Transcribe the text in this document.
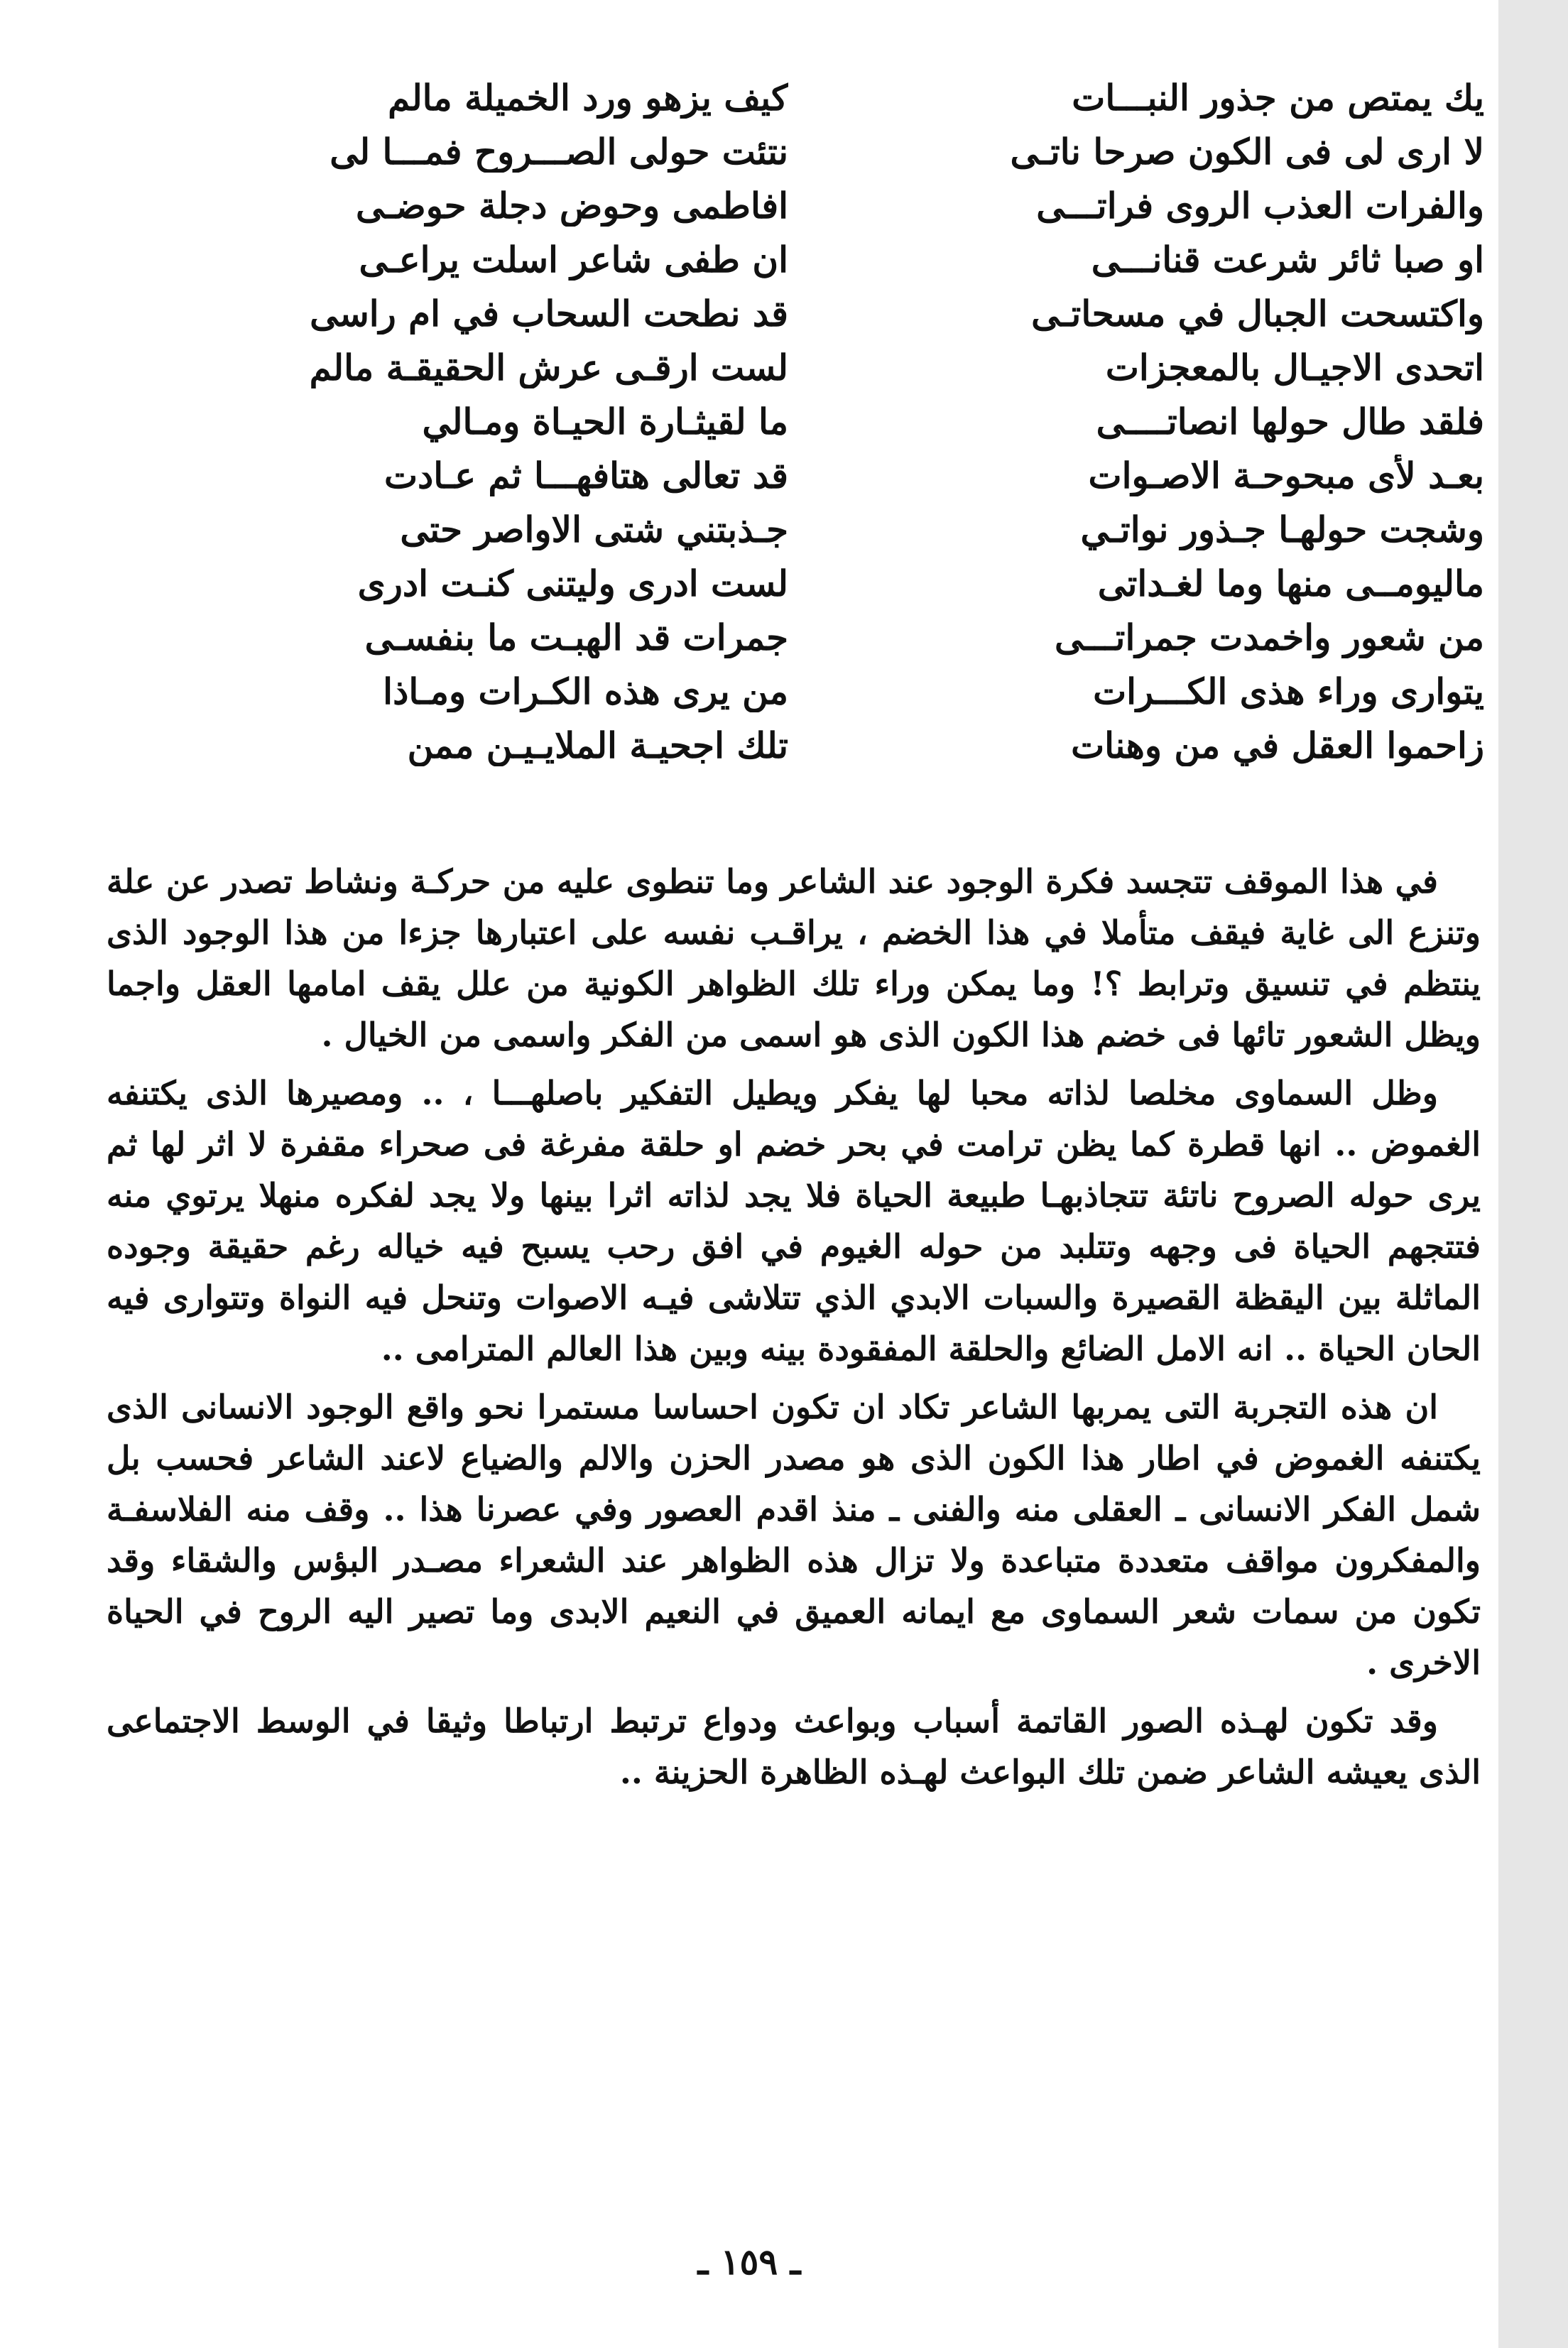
كيف يزهو ورد الخميلة مالم	يك يمتص من جذور النبـــات
نتئت حولى الصـــروح فمـــا لى	لا ارى لى فى الكون صرحا ناتـى
افاطمى وحوض دجلة حوضـى	والفرات العذب الروى فراتـــى
ان طفى شاعر اسلت يراعـى	او صبا ثائر شرعت قنانـــى
قد نطحت السحاب في ام راسى	واكتسحت الجبال في مسحاتـى
لست ارقـى عرش الحقيقـة مالم	اتحدى الاجيـال بالمعجزات
ما لقيثـارة الحيـاة ومـالي	فلقد طال حولها انصاتــــى
قد تعالى هتافهـــا ثم عـادت	بعـد لأى مبحوحـة الاصـوات
جـذبتني شتى الاواصر حتى	وشجت حولهـا جـذور نواتـي
لست ادرى وليتنى كنـت ادرى	ماليومــى منها وما لغـداتى
جمرات قد الهبـت ما بنفسـى	من شعور واخمدت جمراتـــى
من يرى هذه الكـرات ومـاذا	يتوارى وراء هذى الكـــرات
تلك اجحيـة الملايـيـن ممن	زاحموا العقل في من وهنات

في هذا الموقف تتجسد فكرة الوجود عند الشاعر وما تنطوى عليه من حركـة ونشاط تصدر عن علة وتنزع الى غاية فيقف متأملا في هذا الخضم ، يراقـب نفسه على اعتبارها جزءا من هذا الوجود الذى ينتظم في تنسيق وترابط ؟! وما يمكن وراء تلك الظواهر الكونية من علل يقف امامها العقل واجما ويظل الشعور تائها فى خضم هذا الكون الذى هو اسمى من الفكر واسمى من الخيال .

وظل السماوى مخلصا لذاته محبا لها يفكر ويطيل التفكير باصلهـــا ، .. ومصيرها الذى يكتنفه الغموض .. انها قطرة كما يظن ترامت في بحر خضم او حلقة مفرغة فى صحراء مقفرة لا اثر لها ثم يرى حوله الصروح ناتئة تتجاذبهـا طبيعة الحياة فلا يجد لذاته اثرا بينها ولا يجد لفكره منهلا يرتوي منه فتتجهم الحياة فى وجهه وتتلبد من حوله الغيوم في افق رحب يسبح فيه خياله رغم حقيقة وجوده الماثلة بين اليقظة القصيرة والسبات الابدي الذي تتلاشى فيـه الاصوات وتنحل فيه النواة وتتوارى فيه الحان الحياة .. انه الامل الضائع والحلقة المفقودة بينه وبين هذا العالم المترامى ..

ان هذه التجربة التى يمربها الشاعر تكاد ان تكون احساسا مستمرا نحو واقع الوجود الانسانى الذى يكتنفه الغموض في اطار هذا الكون الذى هو مصدر الحزن والالم والضياع لاعند الشاعر فحسب بل شمل الفكر الانسانى ـ العقلى منه والفنى ـ منذ اقدم العصور وفي عصرنا هذا .. وقف منه الفلاسفـة والمفكرون مواقف متعددة متباعدة ولا تزال هذه الظواهر عند الشعراء مصـدر البؤس والشقاء وقد تكون من سمات شعر السماوى مع ايمانه العميق في النعيم الابدى وما تصير اليه الروح في الحياة الاخرى .

وقد تكون لهـذه الصور القاتمة أسباب وبواعث ودواع ترتبط ارتباطا وثيقا في الوسط الاجتماعى الذى يعيشه الشاعر ضمن تلك البواعث لهـذه الظاهرة الحزينة ..

ـ ١٥٩ ـ
